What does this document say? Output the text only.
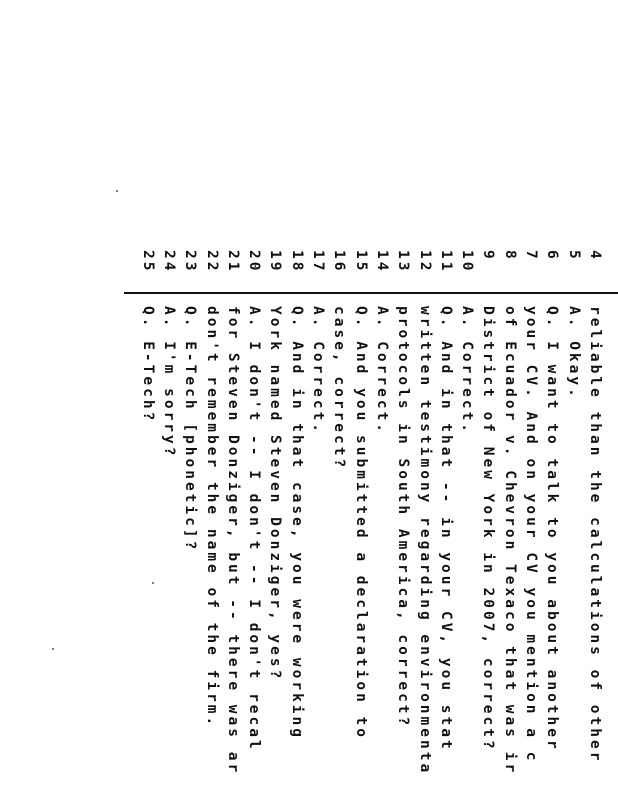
4
reliable than the calculations of other
5
A. Okay.
6
Q. I want to talk to you about another
7
your CV. And on your CV you mention a c
8
of Ecuador v. Chevron Texaco that was ir
9
District of New York in 2007, correct?
10
A. Correct.
11
Q. And in that -- in your CV, you stat
12
written testimony regarding environmenta
13
protocols in South America, correct?
14
A. Correct.
15
Q. And you submitted a declaration to
16
case, correct?
17
A. Correct.
18
Q. And in that case, you were working
19
York named Steven Donziger, yes?
20
A. I don't -- I don't -- I don't recal
21
for Steven Donziger, but -- there was ar
22
don't remember the name of the firm.
23
Q. E-Tech [phonetic]?
24
A. I'm sorry?
25
Q. E-Tech?
